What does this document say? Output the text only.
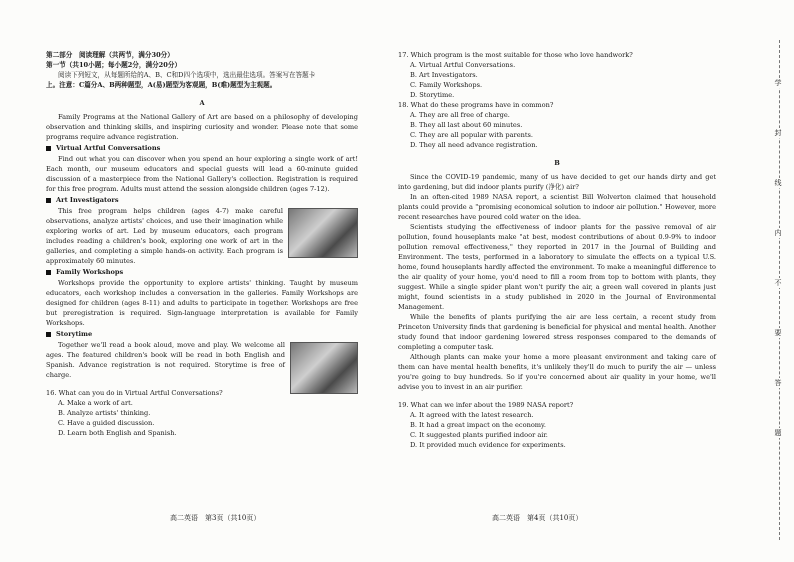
第二部分　阅读理解（共两节，满分30分）

第一节（共10小题；每小题2分，满分20分）

阅读下列短文，从每题所给的A、B、C和D四个选项中，选出最佳选项。答案写在答题卡

上。注意：C篇分A、B两种题型，A(易)题型为客观题，B(难)题型为主观题。

A

Family Programs at the National Gallery of Art are based on a philosophy of developing observation and thinking skills, and inspiring curiosity and wonder. Please note that some programs require advance registration.

Virtual Artful Conversations

Find out what you can discover when you spend an hour exploring a single work of art! Each month, our museum educators and special guests will lead a 60-minute guided discussion of a masterpiece from the National Gallery's collection. Registration is required for this free program. Adults must attend the session alongside children (ages 7-12).

Art Investigators

This free program helps children (ages 4-7) make careful observations, analyze artists' choices, and use their imagination while exploring works of art. Led by museum educators, each program includes reading a children's book, exploring one work of art in the galleries, and completing a simple hands-on activity. Each program is approximately 60 minutes.

Family Workshops

Workshops provide the opportunity to explore artists' thinking. Taught by museum educators, each workshop includes a conversation in the galleries. Family Workshops are designed for children (ages 8-11) and adults to participate in together. Workshops are free but preregistration is required. Sign-language interpretation is available for Family Workshops.

Storytime

Together we'll read a book aloud, move and play. We welcome all ages. The featured children's book will be read in both English and Spanish. Advance registration is not required. Storytime is free of charge.

16. What can you do in Virtual Artful Conversations?

A. Make a work of art.

B. Analyze artists' thinking.

C. Have a guided discussion.

D. Learn both English and Spanish.

17. Which program is the most suitable for those who love handwork?

A. Virtual Artful Conversations.

B. Art Investigators.

C. Family Workshops.

D. Storytime.

18. What do these programs have in common?

A. They are all free of charge.

B. They all last about 60 minutes.

C. They are all popular with parents.

D. They all need advance registration.

B

Since the COVID-19 pandemic, many of us have decided to get our hands dirty and get into gardening, but did indoor plants purify (净化) air?

In an often-cited 1989 NASA report, a scientist Bill Wolverton claimed that household plants could provide a "promising economical solution to indoor air pollution." However, more recent researches have poured cold water on the idea.

Scientists studying the effectiveness of indoor plants for the passive removal of air pollution, found houseplants make "at best, modest contributions of about 0.9-9% to indoor pollution removal effectiveness," they reported in 2017 in the Journal of Building and Environment. The tests, performed in a laboratory to simulate the effects on a typical U.S. home, found houseplants hardly affected the environment. To make a meaningful difference to the air quality of your home, you'd need to fill a room from top to bottom with plants, they suggest. While a single spider plant won't purify the air, a green wall covered in plants just might, found scientists in a study published in 2020 in the Journal of Environmental Management.

While the benefits of plants purifying the air are less certain, a recent study from Princeton University finds that gardening is beneficial for physical and mental health. Another study found that indoor gardening lowered stress responses compared to the demands of completing a computer task.

Although plants can make your home a more pleasant environment and taking care of them can have mental health benefits, it's unlikely they'll do much to purify the air — unless you're going to buy hundreds. So if you're concerned about air quality in your home, we'll advise you to invest in an air purifier.

19. What can we infer about the 1989 NASA report?

A. It agreed with the latest research.

B. It had a great impact on the economy.

C. It suggested plants purified indoor air.

D. It provided much evidence for experiments.

高二英语　第3页（共10页）	高二英语　第4页（共10页）
学
封
线
内
不
要
答
题
